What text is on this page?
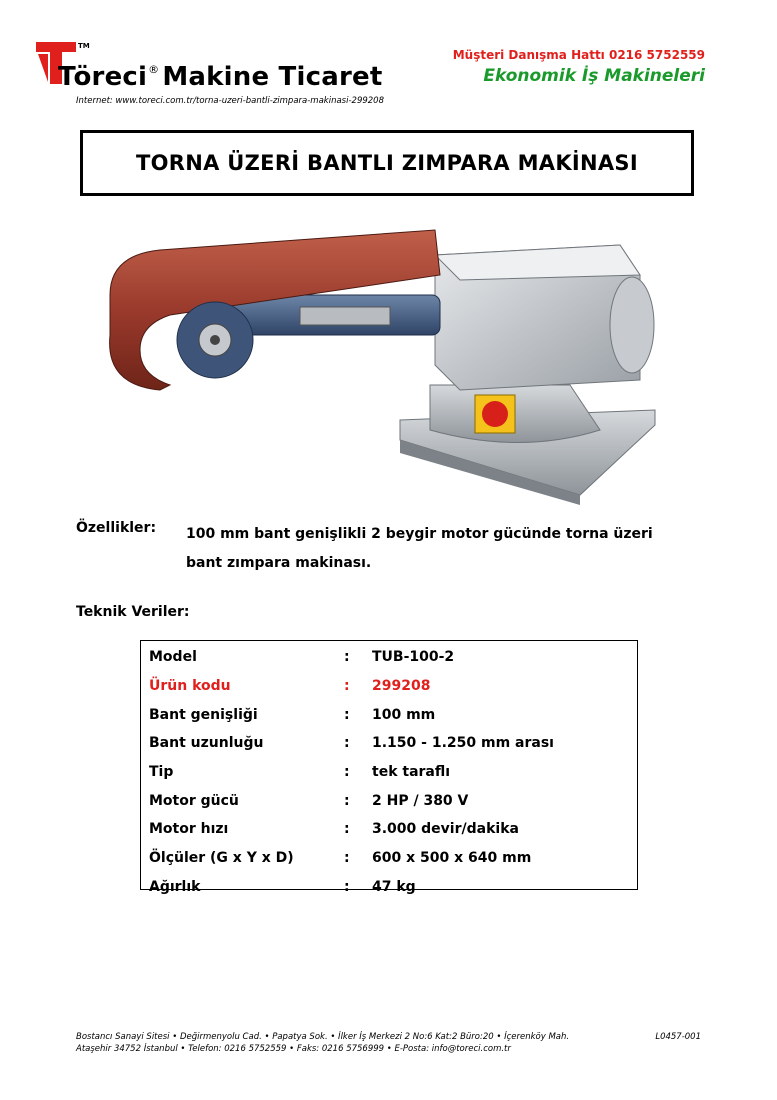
TM
Töreci® Makine Ticaret
Internet: www.toreci.com.tr/torna-uzeri-bantli-zimpara-makinasi-299208
Müşteri Danışma Hattı 0216 5752559
Ekonomik İş Makineleri
TORNA ÜZERİ BANTLI ZIMPARA MAKİNASI
Özellikler: 100 mm bant genişlikli 2 beygir motor gücünde torna üzeri bant zımpara makinası.
Teknik Veriler:
Model	:	TUB-100-2
Ürün kodu	:	299208
Bant genişliği	:	100 mm
Bant uzunluğu	:	1.150 - 1.250 mm arası
Tip	:	tek taraflı
Motor gücü	:	2 HP / 380 V
Motor hızı	:	3.000 devir/dakika
Ölçüler (G x Y x D)	:	600 x 500 x 640 mm
Ağırlık	:	47 kg
Bostancı Sanayi Sitesi • Değirmenyolu Cad. • Papatya Sok. • İlker İş Merkezi 2 No:6 Kat:2 Büro:20 • İçerenköy Mah.
Ataşehir 34752 İstanbul • Telefon: 0216 5752559 • Faks: 0216 5756999 • E-Posta: info@toreci.com.tr
L0457-001
